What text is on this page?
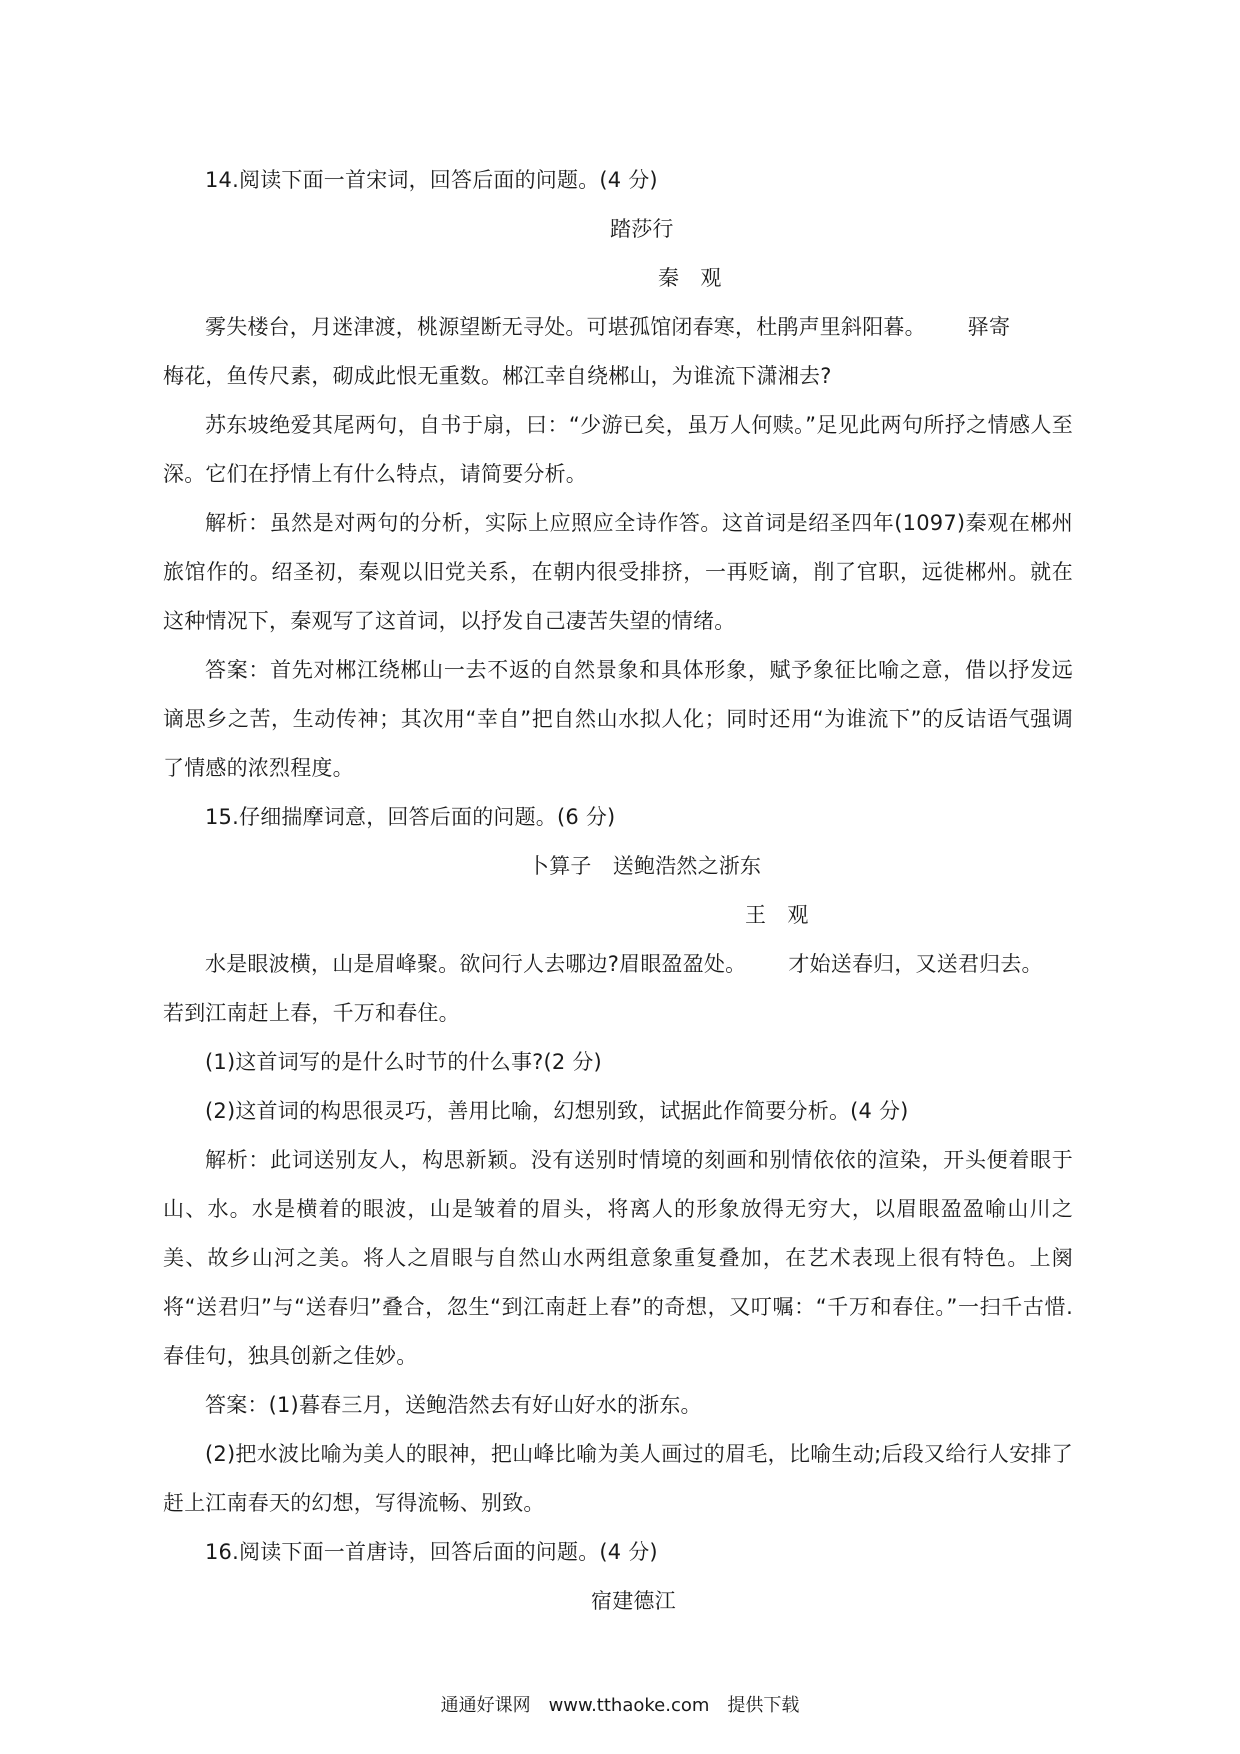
14.阅读下面一首宋词，回答后面的问题。(4 分)

踏莎行

秦　观

雾失楼台，月迷津渡，桃源望断无寻处。可堪孤馆闭春寒，杜鹃声里斜阳暮。 驿寄

梅花，鱼传尺素，砌成此恨无重数。郴江幸自绕郴山，为谁流下潇湘去?

苏东坡绝爱其尾两句，自书于扇，曰：“少游已矣，虽万人何赎。”足见此两句所抒之情感人至深。它们在抒情上有什么特点，请简要分析。

解析：虽然是对两句的分析，实际上应照应全诗作答。这首词是绍圣四年(1097)秦观在郴州旅馆作的。绍圣初，秦观以旧党关系，在朝内很受排挤，一再贬谪，削了官职，远徙郴州。就在这种情况下，秦观写了这首词，以抒发自己凄苦失望的情绪。

答案：首先对郴江绕郴山一去不返的自然景象和具体形象，赋予象征比喻之意，借以抒发远谪思乡之苦，生动传神；其次用“幸自”把自然山水拟人化；同时还用“为谁流下”的反诘语气强调了情感的浓烈程度。

15.仔细揣摩词意，回答后面的问题。(6 分)

卜算子　送鲍浩然之浙东

王　观

水是眼波横，山是眉峰聚。欲问行人去哪边?眉眼盈盈处。 才始送春归，又送君归去。

若到江南赶上春，千万和春住。

(1)这首词写的是什么时节的什么事?(2 分)

(2)这首词的构思很灵巧，善用比喻，幻想别致，试据此作简要分析。(4 分)

解析：此词送别友人，构思新颖。没有送别时情境的刻画和别情依依的渲染，开头便着眼于山、水。水是横着的眼波，山是皱着的眉头，将离人的形象放得无穷大，以眉眼盈盈喻山川之美、故乡山河之美。将人之眉眼与自然山水两组意象重复叠加，在艺术表现上很有特色。上阕将“送君归”与“送春归”叠合，忽生“到江南赶上春”的奇想，又叮嘱：“千万和春住。”一扫千古惜.春佳句，独具创新之佳妙。

答案：(1)暮春三月，送鲍浩然去有好山好水的浙东。

(2)把水波比喻为美人的眼神，把山峰比喻为美人画过的眉毛，比喻生动;后段又给行人安排了赶上江南春天的幻想，写得流畅、别致。

16.阅读下面一首唐诗，回答后面的问题。(4 分)

宿建德江

通通好课网　www.tthaoke.com　提供下载
